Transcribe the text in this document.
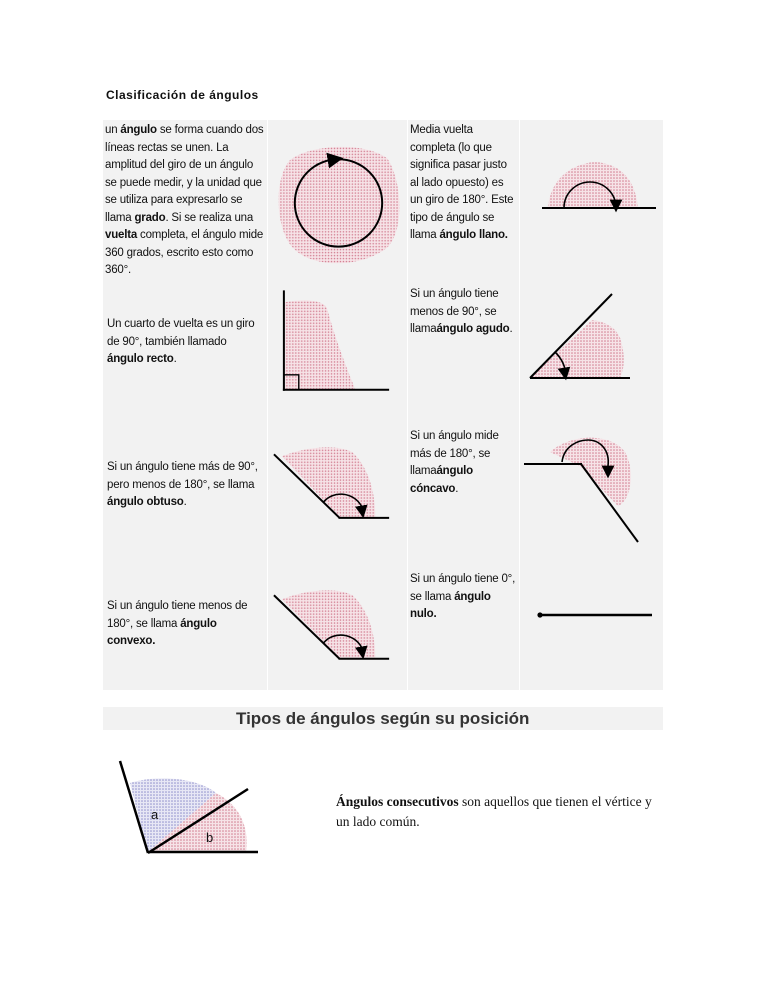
Clasificación de ángulos

un ángulo se forma cuando dos líneas rectas se unen. La amplitud del giro de un ángulo se puede medir, y la unidad que se utiliza para expresarlo se llama grado. Si se realiza una vuelta completa, el ángulo mide 360 grados, escrito esto como 360°.

Media vuelta completa (lo que significa pasar justo al lado opuesto) es un giro de 180°. Este tipo de ángulo se llama ángulo llano.

Un cuarto de vuelta es un giro de 90°, también llamado ángulo recto.

Si un ángulo tiene menos de 90°, se llamaángulo agudo.

Si un ángulo tiene más de 90°, pero menos de 180°, se llama ángulo obtuso.

Si un ángulo mide más de 180°, se llamaángulo cóncavo.

Si un ángulo tiene menos de 180°, se llama ángulo convexo.

Si un ángulo tiene 0°, se llama ángulo nulo.

Tipos de ángulos según su posición
a
b

Ángulos consecutivos son aquellos que tienen el vértice y un lado común.
